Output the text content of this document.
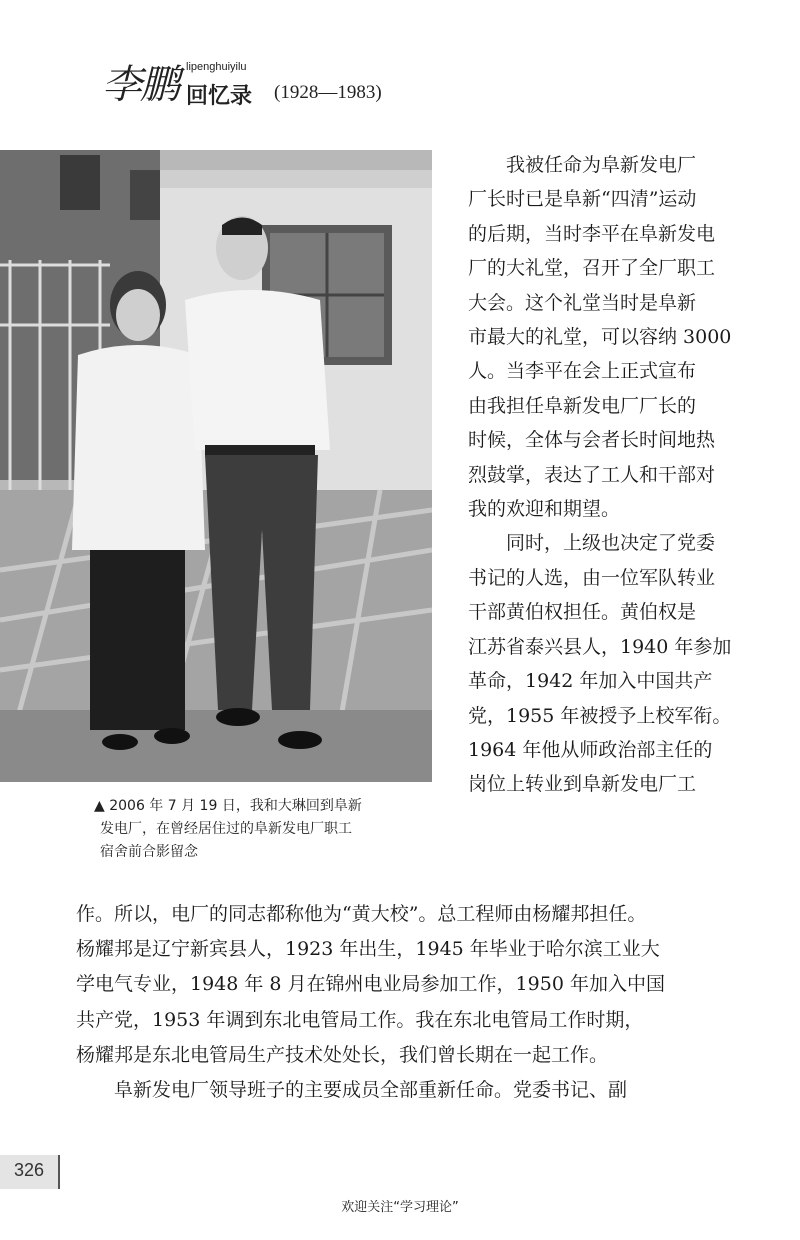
李鹏 lipenghuiyilu
回忆录 (1928—1983)
▲ 2006 年 7 月 19 日，我和大琳回到阜新
发电厂，在曾经居住过的阜新发电厂职工
宿舍前合影留念

我被任命为阜新发电厂

厂长时已是阜新“四清”运动

的后期，当时李平在阜新发电

厂的大礼堂，召开了全厂职工

大会。这个礼堂当时是阜新

市最大的礼堂，可以容纳 3000

人。当李平在会上正式宣布

由我担任阜新发电厂厂长的

时候，全体与会者长时间地热

烈鼓掌，表达了工人和干部对

我的欢迎和期望。

同时，上级也决定了党委

书记的人选，由一位军队转业

干部黄伯权担任。黄伯权是

江苏省泰兴县人，1940 年参加

革命，1942 年加入中国共产

党，1955 年被授予上校军衔。

1964 年他从师政治部主任的

岗位上转业到阜新发电厂工

作。所以，电厂的同志都称他为“黄大校”。总工程师由杨耀邦担任。

杨耀邦是辽宁新宾县人，1923 年出生，1945 年毕业于哈尔滨工业大

学电气专业，1948 年 8 月在锦州电业局参加工作，1950 年加入中国

共产党，1953 年调到东北电管局工作。我在东北电管局工作时期，

杨耀邦是东北电管局生产技术处处长，我们曾长期在一起工作。

阜新发电厂领导班子的主要成员全部重新任命。党委书记、副

326
欢迎关注“学习理论”
